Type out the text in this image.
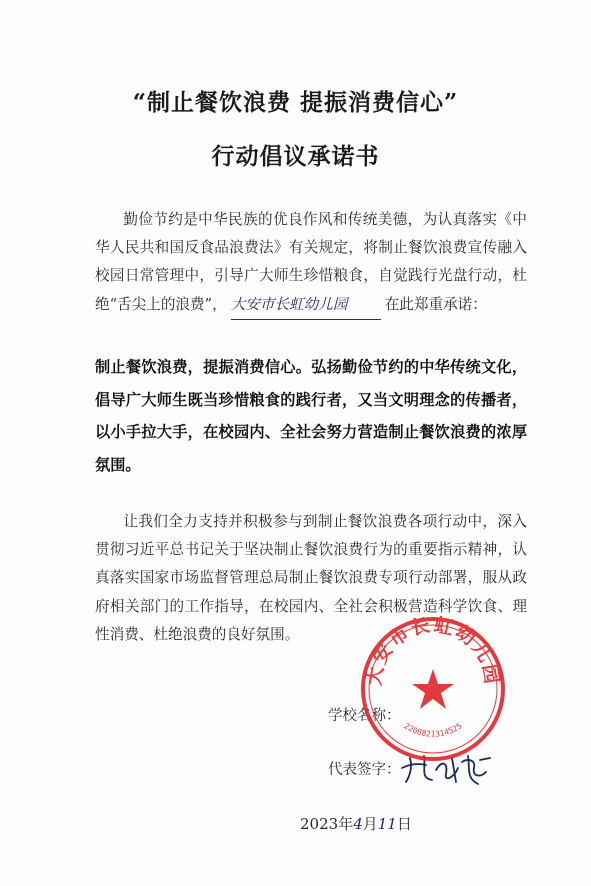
“制止餐饮浪费 提振消费信心”
行动倡议承诺书
勤俭节约是中华民族的优良作风和传统美德，为认真落实《中华人民共和国反食品浪费法》有关规定，将制止餐饮浪费宣传融入校园日常管理中，引导广大师生珍惜粮食，自觉践行光盘行动，杜绝“舌尖上的浪费”， 大安市长虹幼儿园	在此郑重承诺：
制止餐饮浪费，提振消费信心。弘扬勤俭节约的中华传统文化，倡导广大师生既当珍惜粮食的践行者，又当文明理念的传播者，以小手拉大手，在校园内、全社会努力营造制止餐饮浪费的浓厚氛围。
让我们全力支持并积极参与到制止餐饮浪费各项行动中，深入贯彻习近平总书记关于坚决制止餐饮浪费行为的重要指示精神，认真落实国家市场监督管理总局制止餐饮浪费专项行动部署，服从政府相关部门的工作指导，在校园内、全社会积极营造科学饮食、理性消费、杜绝浪费的良好氛围。
学校名称：
代表签字：
2023年4月11日
大安市长虹幼儿园
2208821314525
